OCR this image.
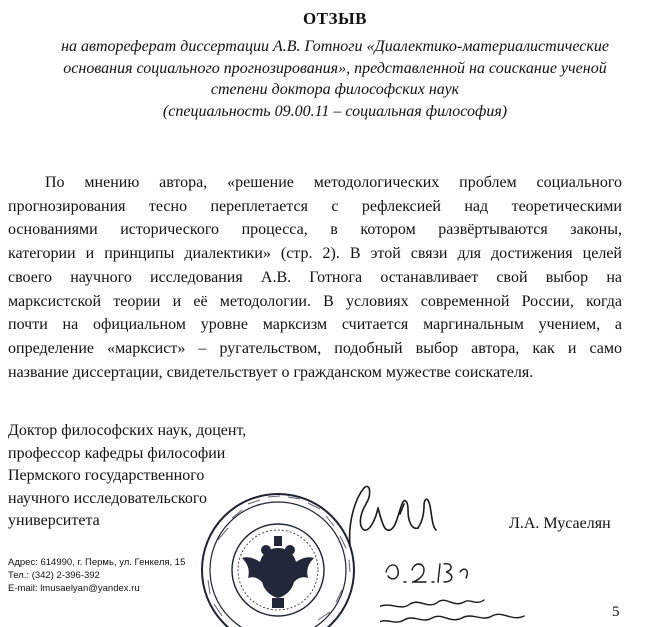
ОТЗЫВ
на автореферат диссертации А.В. Готноги «Диалектико-материалистические
основания социального прогнозирования», представленной на соискание ученой
степени доктора философских наук
(специальность 09.00.11 – социальная философия)
По мнению автора, «решение методологических проблем социального
прогнозирования тесно переплетается с рефлексией над теоретическими
основаниями исторического процесса, в котором развёртываются законы,
категории и принципы диалектики» (стр. 2). В этой связи для достижения целей
своего научного исследования А.В. Готнога останавливает свой выбор на
марксистской теории и её методологии. В условиях современной России, когда
почти на официальном уровне марксизм считается маргинальным учением, а
определение «марксист» – ругательством, подобный выбор автора, как и само
название диссертации, свидетельствует о гражданском мужестве соискателя.
Доктор философских наук, доцент,
профессор кафедры философии
Пермского государственного
научного исследовательского
университета	Л.А. Мусаелян
Адрес: 614990, г. Пермь, ул. Генкеля, 15
Тел.: (342) 2-396-392
E-mail: lmusaelyan@yandex.ru
5
